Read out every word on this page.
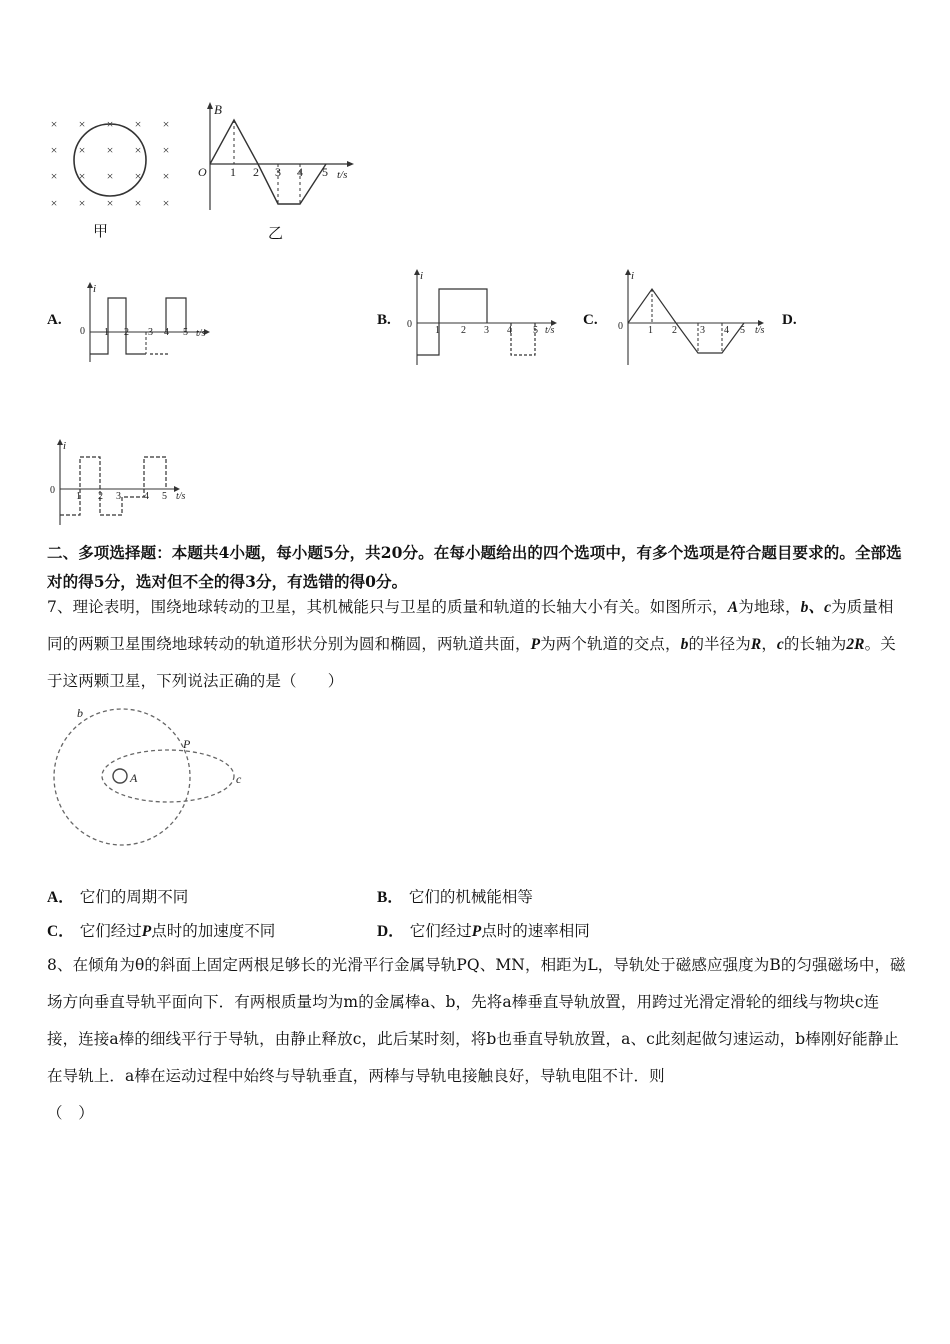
× × × × ×
× × × × ×
× × × × ×
× × × × ×
甲
B
O 1 2 3 4 5 t/s
乙
A.
i
0 1 2 3 4 5 t/s
B.
i
0
1 2 3 4 5 t/s
C.
i
0	1 2 3 4 5 t/s
D.
i
0
1 2 3 4 5 t/s

二、多项选择题：本题共4小题，每小题5分，共20分。在每小题给出的四个选项中，有多个选项是符合题目要求的。全部选对的得5分，选对但不全的得3分，有选错的得0分。

7、理论表明，围绕地球转动的卫星，其机械能只与卫星的质量和轨道的长轴大小有关。如图所示，A为地球，b、c为质量相同的两颗卫星围绕地球转动的轨道形状分别为圆和椭圆，两轨道共面，P为两个轨道的交点，b的半径为R，c的长轴为2R。关于这两颗卫星，下列说法正确的是（　　）

A
b
P
c
A． 它们的周期不同	B． 它们的机械能相等
C． 它们经过P点时的加速度不同	D． 它们经过P点时的速率相同

8、在倾角为θ的斜面上固定两根足够长的光滑平行金属导轨PQ、MN，相距为L，导轨处于磁感应强度为B的匀强磁场中，磁场方向垂直导轨平面向下．有两根质量均为m的金属棒a、b，先将a棒垂直导轨放置，用跨过光滑定滑轮的细线与物块c连接，连接a棒的细线平行于导轨，由静止释放c，此后某时刻，将b也垂直导轨放置，a、c此刻起做匀速运动，b棒刚好能静止在导轨上．a棒在运动过程中始终与导轨垂直，两棒与导轨电接触良好，导轨电阻不计．则

（　）
